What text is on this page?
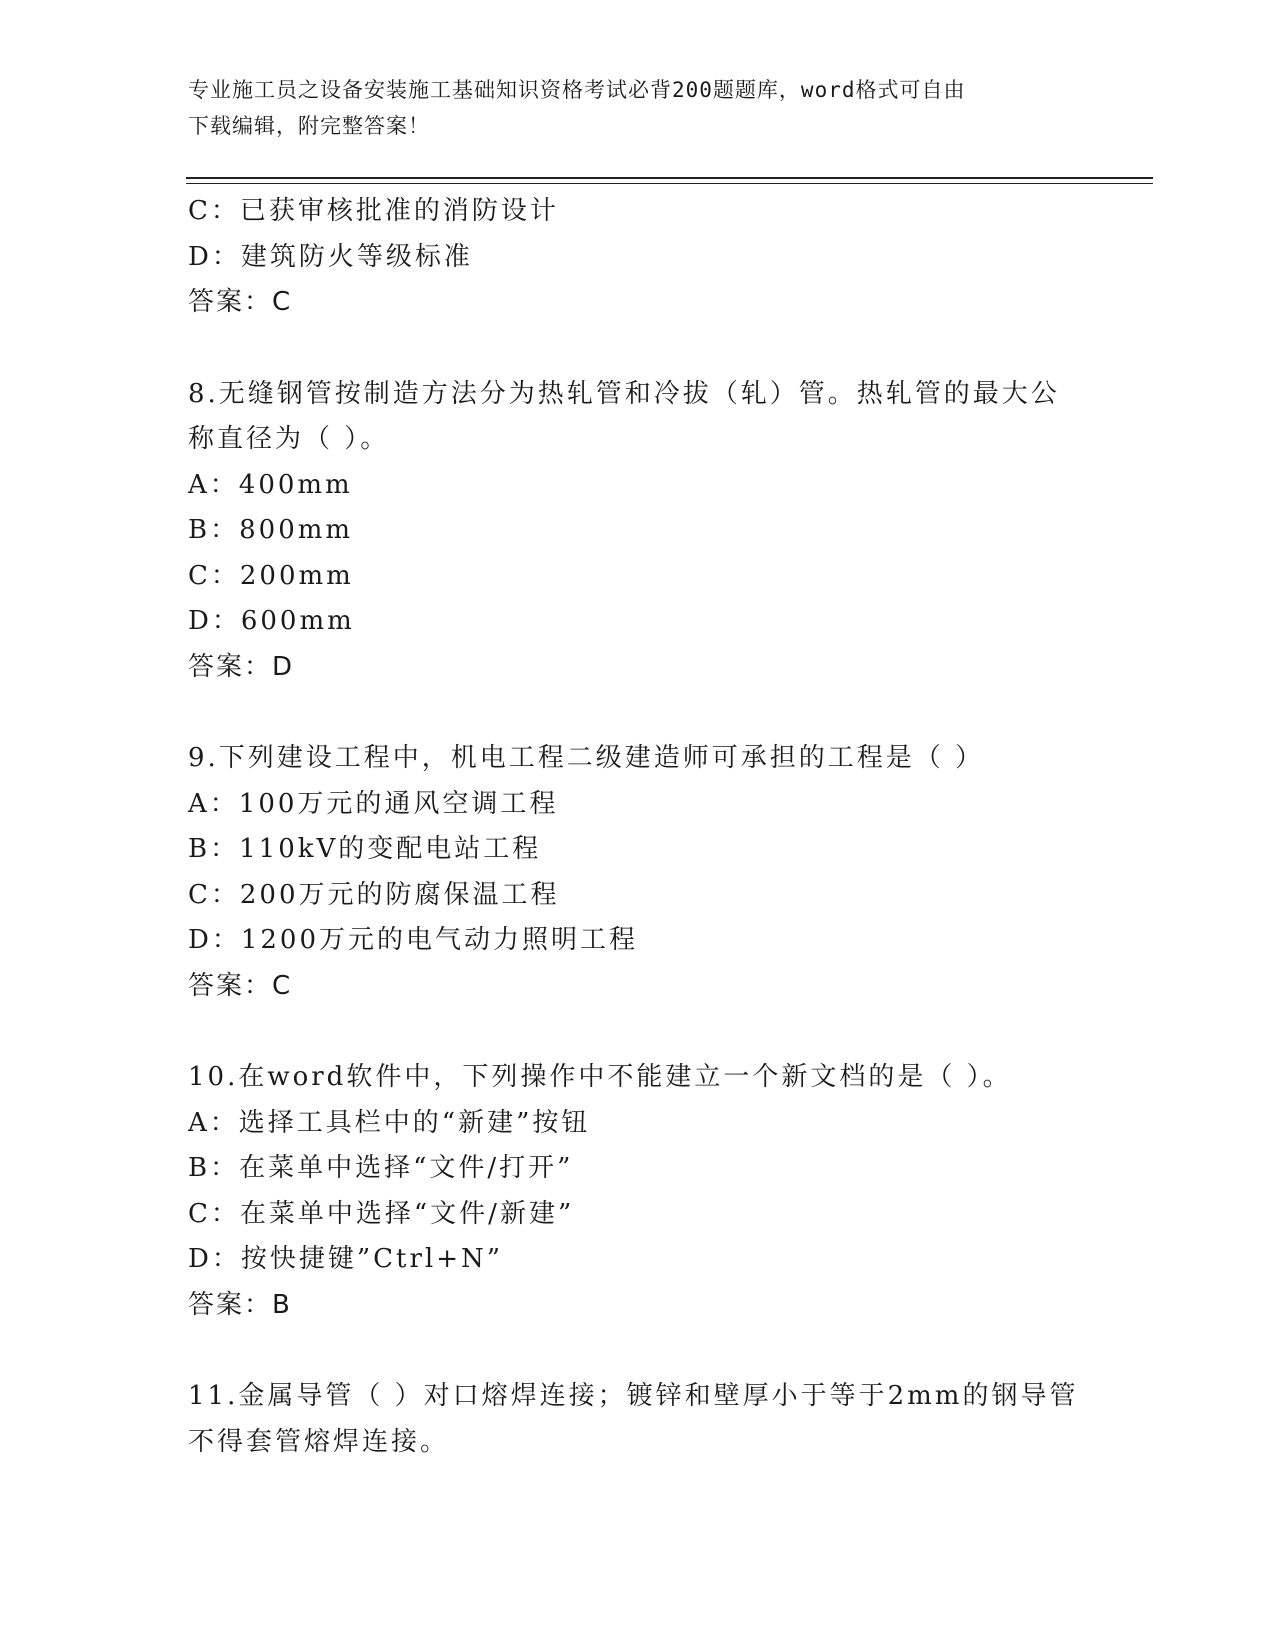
专业施工员之设备安装施工基础知识资格考试必背200题题库，word格式可自由
下载编辑，附完整答案！
C：已获审核批准的消防设计
D：建筑防火等级标准
答案：C
8.无缝钢管按制造方法分为热轧管和冷拔（轧）管。热轧管的最大公
称直径为（ ）。
A：400mm
B：800mm
C：200mm
D：600mm
答案：D
9.下列建设工程中，机电工程二级建造师可承担的工程是（ ）
A：100万元的通风空调工程
B：110kV的变配电站工程
C：200万元的防腐保温工程
D：1200万元的电气动力照明工程
答案：C
10.在word软件中，下列操作中不能建立一个新文档的是（ ）。
A：选择工具栏中的“新建”按钮
B：在菜单中选择“文件/打开”
C：在菜单中选择“文件/新建”
D：按快捷键”Ctrl+N”
答案：B
11.金属导管（ ）对口熔焊连接；镀锌和壁厚小于等于2mm的钢导管
不得套管熔焊连接。
